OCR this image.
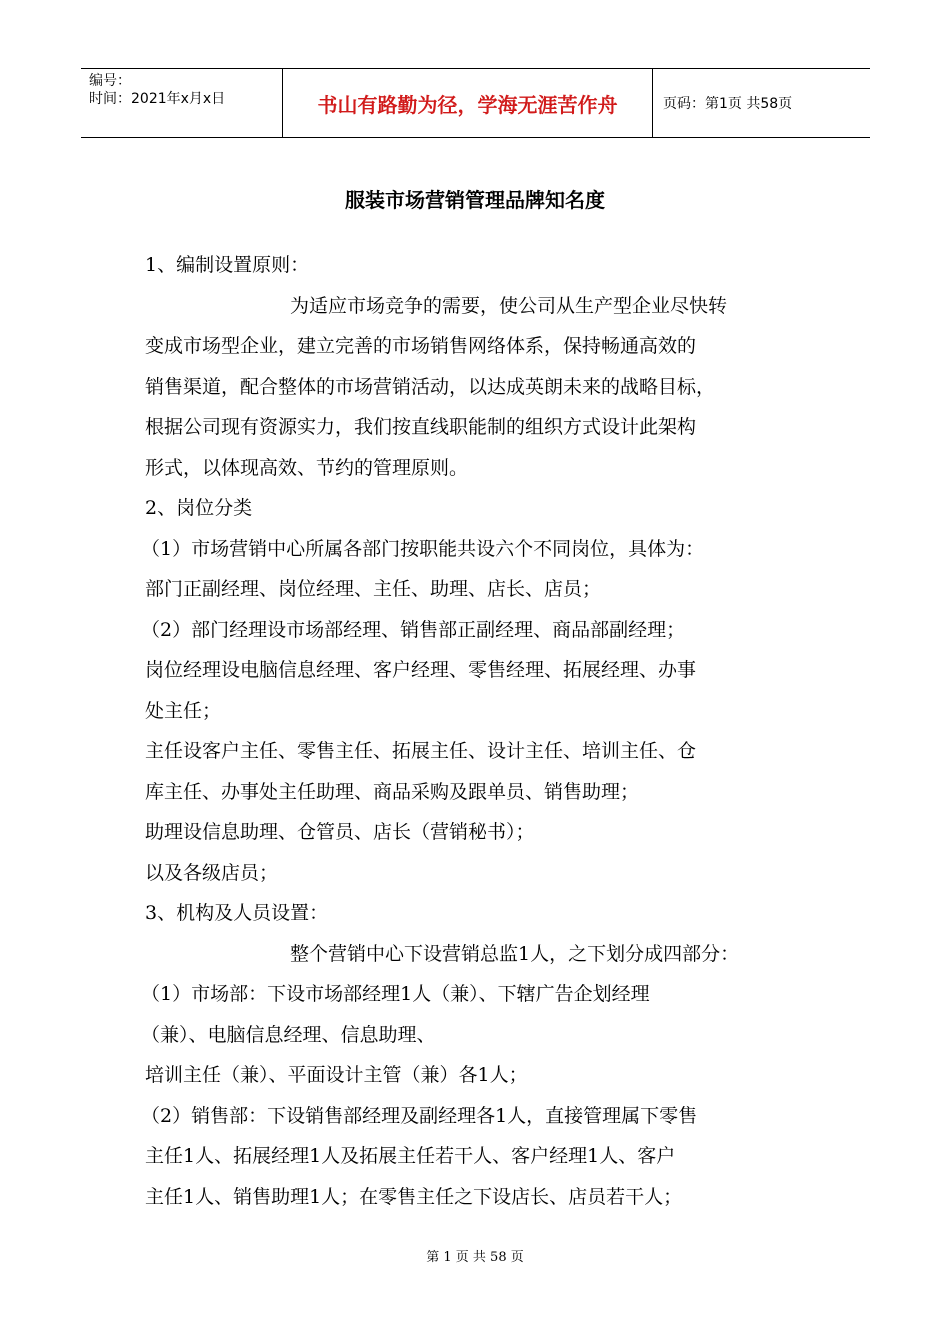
编号：
时间：2021年x月x日	书山有路勤为径，学海无涯苦作舟	页码：第1页 共58页
服装市场营销管理品牌知名度
1、编制设置原则：
为适应市场竞争的需要，使公司从生产型企业尽快转
变成市场型企业，建立完善的市场销售网络体系，保持畅通高效的
销售渠道，配合整体的市场营销活动，以达成英朗未来的战略目标，
根据公司现有资源实力，我们按直线职能制的组织方式设计此架构
形式，以体现高效、节约的管理原则。
2、岗位分类
（1）市场营销中心所属各部门按职能共设六个不同岗位，具体为：
部门正副经理、岗位经理、主任、助理、店长、店员；
（2）部门经理设市场部经理、销售部正副经理、商品部副经理；
岗位经理设电脑信息经理、客户经理、零售经理、拓展经理、办事
处主任；
主任设客户主任、零售主任、拓展主任、设计主任、培训主任、仓
库主任、办事处主任助理、商品采购及跟单员、销售助理；
助理设信息助理、仓管员、店长（营销秘书）；
以及各级店员；
3、机构及人员设置：
整个营销中心下设营销总监1人，之下划分成四部分：
（1）市场部：下设市场部经理1人（兼）、下辖广告企划经理
（兼）、电脑信息经理、信息助理、
培训主任（兼）、平面设计主管（兼）各1人；
（2）销售部：下设销售部经理及副经理各1人，直接管理属下零售
主任1人、拓展经理1人及拓展主任若干人、客户经理1人、客户
主任1人、销售助理1人；在零售主任之下设店长、店员若干人；
第 1 页 共 58 页
